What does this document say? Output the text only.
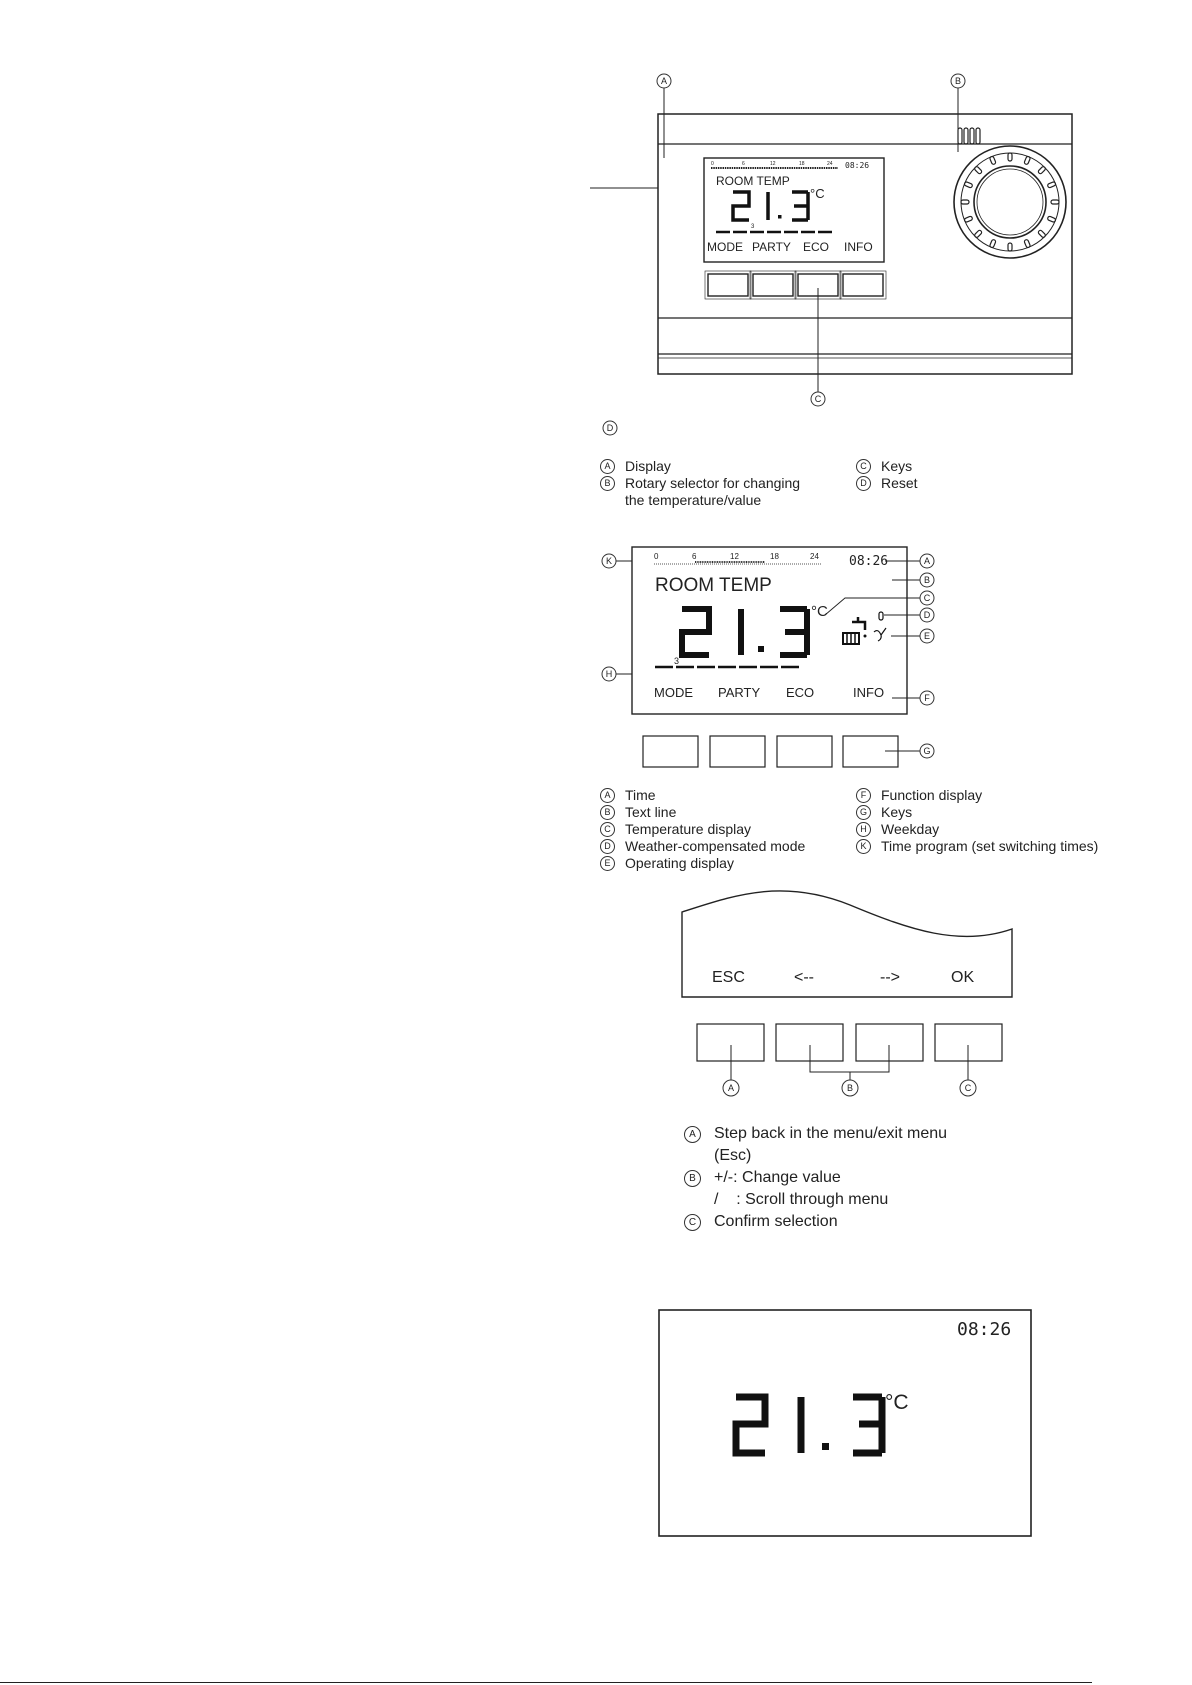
0	6	12	18	24 08:26
ROOM TEMP
°C
3
MODE PARTY ECO INFO
A	B
C
D
A	Display
B	Rotary selector for changing the temperature/value
C	Keys
D	Reset
0	6	12	18	24 08:26
ROOM TEMP
°C
3
MODE PARTY ECO	INFO
K
H
A
B
C
D
E
F
G
A	Time
B	Text line
C	Temperature display
D	Weather-compensated mode
E	Operating display
F	Function display
G Keys
H	Weekday
K	Time program (set switching times)
ESC	<--	-->	OK
A	B	C
A	Step back in the menu/exit menu (Esc)
B	+/-: Change value
/    : Scroll through menu
C	Confirm selection
08:26
°C
